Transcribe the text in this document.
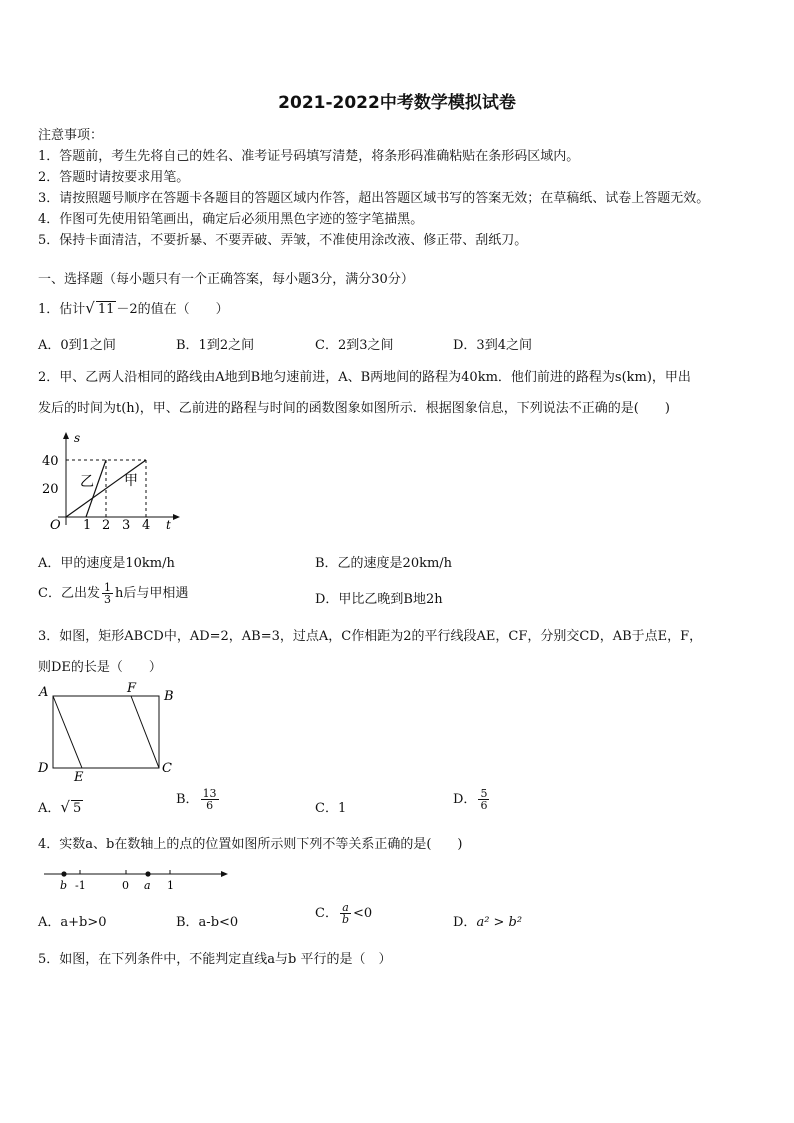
2021-2022中考数学模拟试卷
注意事项：
1．答题前，考生先将自己的姓名、准考证号码填写清楚，将条形码准确粘贴在条形码区域内。
2．答题时请按要求用笔。
3．请按照题号顺序在答题卡各题目的答题区域内作答，超出答题区域书写的答案无效；在草稿纸、试卷上答题无效。
4．作图可先使用铅笔画出，确定后必须用黑色字迹的签字笔描黑。
5．保持卡面清洁，不要折暴、不要弄破、弄皱，不准使用涂改液、修正带、刮纸刀。
一、选择题（每小题只有一个正确答案，每小题3分，满分30分）
1．估计√ 11 －2的值在（　　）
A．0到1之间	B．1到2之间	C．2到3之间	D．3到4之间
2．甲、乙两人沿相同的路线由A地到B地匀速前进，A、B两地间的路程为40km．他们前进的路程为s(km)，甲出
发后的时间为t(h)，甲、乙前进的路程与时间的函数图象如图所示．根据图象信息，下列说法不正确的是(　　)
s
t
O
40
20
1 2 3 4
乙 甲
A．甲的速度是10km/h	B．乙的速度是20km/h
C．乙出发 $\frac{1}{3}$ h后与甲相遇	D．甲比乙晚到B地2h
3．如图，矩形ABCD中，AD=2，AB=3，过点A，C作相距为2的平行线段AE，CF，分别交CD，AB于点E，F，
则DE的长是（　　）
A	B
C
D
E
F
A．√ 5
B． $\frac{13}{6}$	C．1
D． $\frac{5}{6}$
4．实数a、b在数轴上的点的位置如图所示则下列不等关系正确的是(　　)
b -1	0 a 1
A．a+b>0	B．a-b<0
C． $\frac{a}{b} <0$
D．a² > b²
5．如图，在下列条件中，不能判定直线a与b 平行的是（　）
